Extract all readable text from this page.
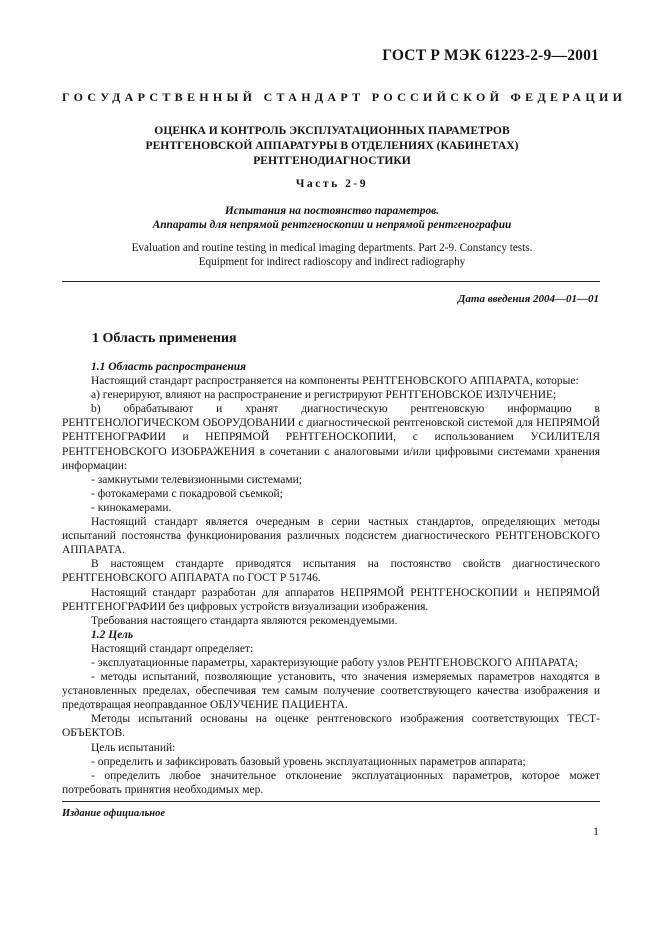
ГОСТ Р МЭК 61223-2-9—2001
ГОСУДАРСТВЕННЫЙ СТАНДАРТ РОССИЙСКОЙ ФЕДЕРАЦИИ
ОЦЕНКА И КОНТРОЛЬ ЭКСПЛУАТАЦИОННЫХ ПАРАМЕТРОВ
РЕНТГЕНОВСКОЙ АППАРАТУРЫ В ОТДЕЛЕНИЯХ (КАБИНЕТАХ)
РЕНТГЕНОДИАГНОСТИКИ
Часть 2-9
Испытания на постоянство параметров.
Аппараты для непрямой рентгеноскопии и непрямой рентгенографии
Evaluation and routine testing in medical imaging departments. Part 2-9. Constancy tests.
Equipment for indirect radioscopy and indirect radiography
Дата введения 2004—01—01
1 Область применения

1.1 Область распространения

Настоящий стандарт распространяется на компоненты РЕНТГЕНОВСКОГО АППАРАТА, которые:

a) генерируют, влияют на распространение и регистрируют РЕНТГЕНОВСКОЕ ИЗЛУЧЕНИЕ;

b) обрабатывают и хранят диагностическую рентгеновскую информацию в РЕНТГЕНОЛОГИЧЕСКОМ ОБОРУДОВАНИИ с диагностической рентгеновской системой для НЕПРЯМОЙ РЕНТГЕНОГРАФИИ и НЕПРЯМОЙ РЕНТГЕНОСКОПИИ, с использованием УСИЛИТЕЛЯ РЕНТГЕНОВСКОГО ИЗОБРАЖЕНИЯ в сочетании с аналоговыми и/или цифровыми системами хранения информации:

- замкнутыми телевизионными системами;

- фотокамерами с покадровой съемкой;

- кинокамерами.

Настоящий стандарт является очередным в серии частных стандартов, определяющих методы испытаний постоянства функционирования различных подсистем диагностического РЕНТГЕНОВСКОГО АППАРАТА.

В настоящем стандарте приводятся испытания на постоянство свойств диагностического РЕНТГЕНОВСКОГО АППАРАТА по ГОСТ Р 51746.

Настоящий стандарт разработан для аппаратов НЕПРЯМОЙ РЕНТГЕНОСКОПИИ и НЕПРЯМОЙ РЕНТГЕНОГРАФИИ без цифровых устройств визуализации изображения.

Требования настоящего стандарта являются рекомендуемыми.

1.2 Цель

Настоящий стандарт определяет:

- эксплуатационные параметры, характеризующие работу узлов РЕНТГЕНОВСКОГО АППАРАТА;

- методы испытаний, позволяющие установить, что значения измеряемых параметров находятся в установленных пределах, обеспечивая тем самым получение соответствующего качества изображения и предотвращая неоправданное ОБЛУЧЕНИЕ ПАЦИЕНТА.

Методы испытаний основаны на оценке рентгеновского изображения соответствующих ТЕСТ-ОБЪЕКТОВ.

Цель испытаний:

- определить и зафиксировать базовый уровень эксплуатационных параметров аппарата;

- определить любое значительное отклонение эксплуатационных параметров, которое может потребовать принятия необходимых мер.

Издание официальное
1
